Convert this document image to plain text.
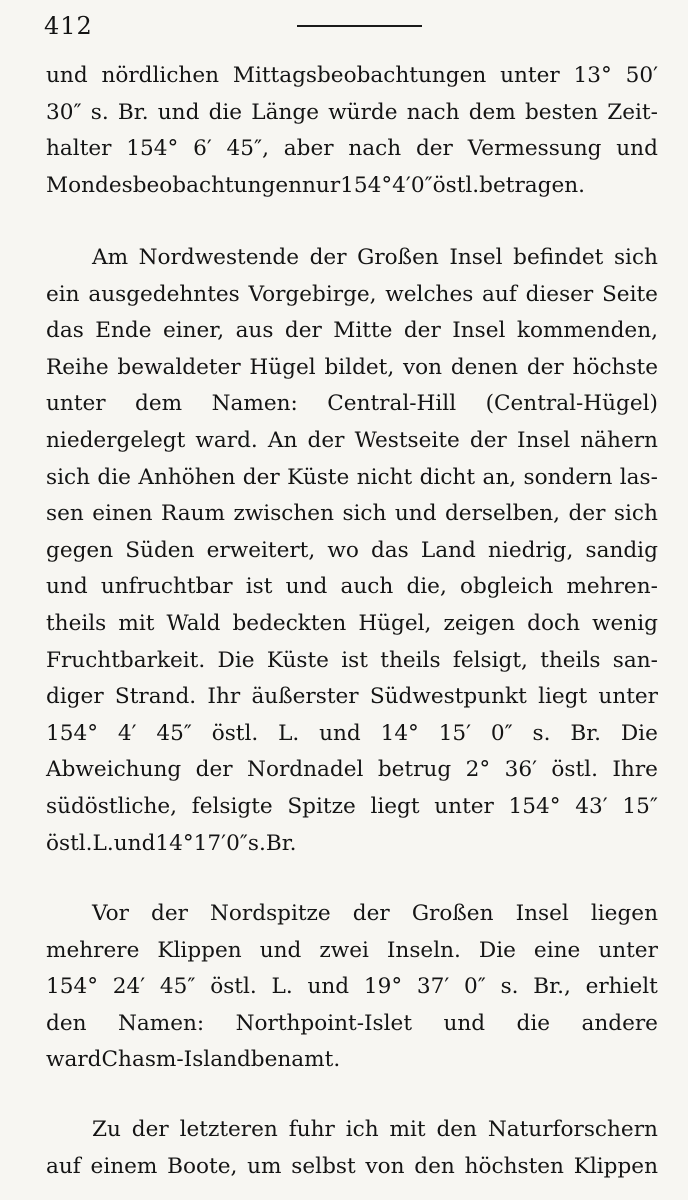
412
und nördlichen Mittagsbeobachtungen unter 13° 50′
30″ s. Br. und die Länge würde nach dem besten Zeit-
halter 154° 6′ 45″, aber nach der Vermessung und
Mondesbeobachtungen nur 154° 4′ 0″ östl. betragen.
Am Nordwestende der Großen Insel befindet sich
ein ausgedehntes Vorgebirge, welches auf dieser Seite
das Ende einer, aus der Mitte der Insel kommenden,
Reihe bewaldeter Hügel bildet, von denen der höchste
unter dem Namen: Central-Hill (Central-Hügel)
niedergelegt ward. An der Westseite der Insel nähern
sich die Anhöhen der Küste nicht dicht an, sondern las-
sen einen Raum zwischen sich und derselben, der sich
gegen Süden erweitert, wo das Land niedrig, sandig
und unfruchtbar ist und auch die, obgleich mehren-
theils mit Wald bedeckten Hügel, zeigen doch wenig
Fruchtbarkeit. Die Küste ist theils felsigt, theils san-
diger Strand. Ihr äußerster Südwestpunkt liegt unter
154° 4′ 45″ östl. L. und 14° 15′ 0″ s. Br. Die
Abweichung der Nordnadel betrug 2° 36′ östl. Ihre
südöstliche, felsigte Spitze liegt unter 154° 43′ 15″
östl. L. und 14° 17′ 0″ s. Br.
Vor der Nordspitze der Großen Insel liegen
mehrere Klippen und zwei Inseln. Die eine unter
154° 24′ 45″ östl. L. und 19° 37′ 0″ s. Br., erhielt
den Namen: Northpoint-Islet und die andere
ward Chasm-Island benamt.
Zu der letzteren fuhr ich mit den Naturforschern
auf einem Boote, um selbst von den höchsten Klippen
